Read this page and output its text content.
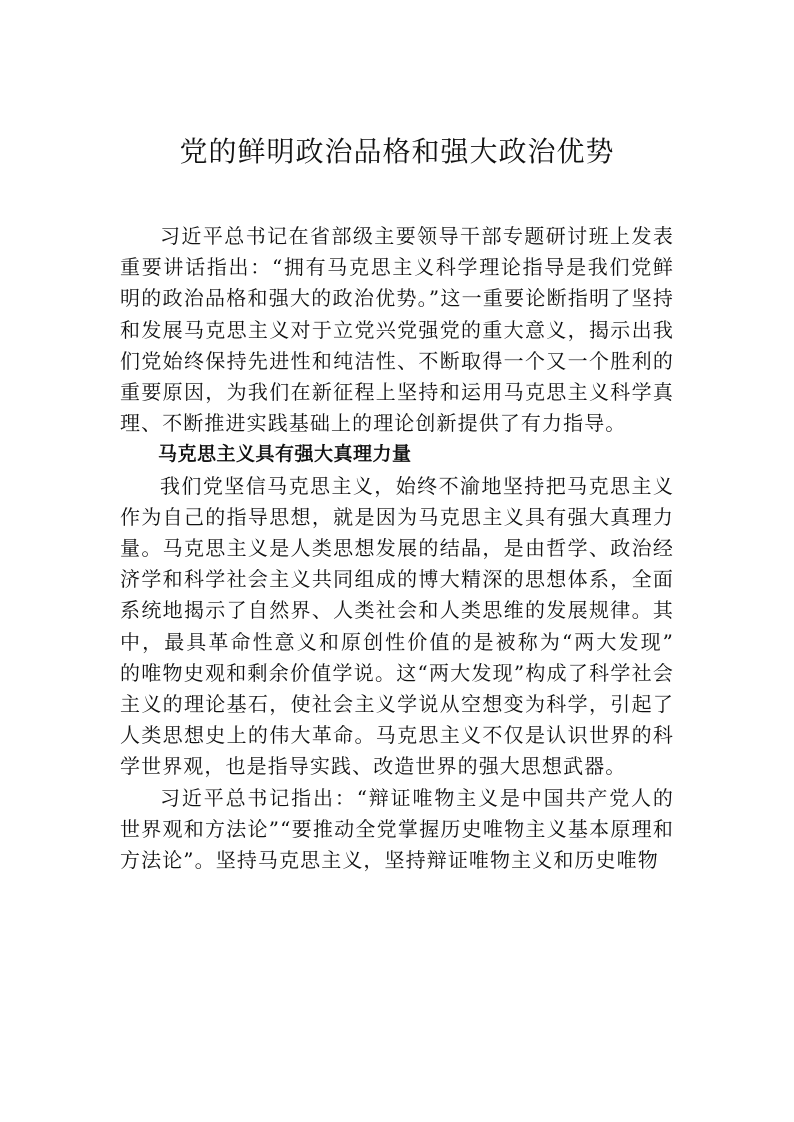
党的鲜明政治品格和强大政治优势

习近平总书记在省部级主要领导干部专题研讨班上发表重要讲话指出：“拥有马克思主义科学理论指导是我们党鲜明的政治品格和强大的政治优势。”这一重要论断指明了坚持和发展马克思主义对于立党兴党强党的重大意义，揭示出我们党始终保持先进性和纯洁性、不断取得一个又一个胜利的重要原因，为我们在新征程上坚持和运用马克思主义科学真理、不断推进实践基础上的理论创新提供了有力指导。

马克思主义具有强大真理力量

我们党坚信马克思主义，始终不渝地坚持把马克思主义作为自己的指导思想，就是因为马克思主义具有强大真理力量。马克思主义是人类思想发展的结晶，是由哲学、政治经济学和科学社会主义共同组成的博大精深的思想体系，全面系统地揭示了自然界、人类社会和人类思维的发展规律。其中，最具革命性意义和原创性价值的是被称为“两大发现” 的唯物史观和剩余价值学说。这“两大发现”构成了科学社会主义的理论基石，使社会主义学说从空想变为科学，引起了人类思想史上的伟大革命。马克思主义不仅是认识世界的科学世界观，也是指导实践、改造世界的强大思想武器。

习近平总书记指出：“辩证唯物主义是中国共产党人的世界观和方法论”“要推动全党掌握历史唯物主义基本原理和方法论”。坚持马克思主义，坚持辩证唯物主义和历史唯物
